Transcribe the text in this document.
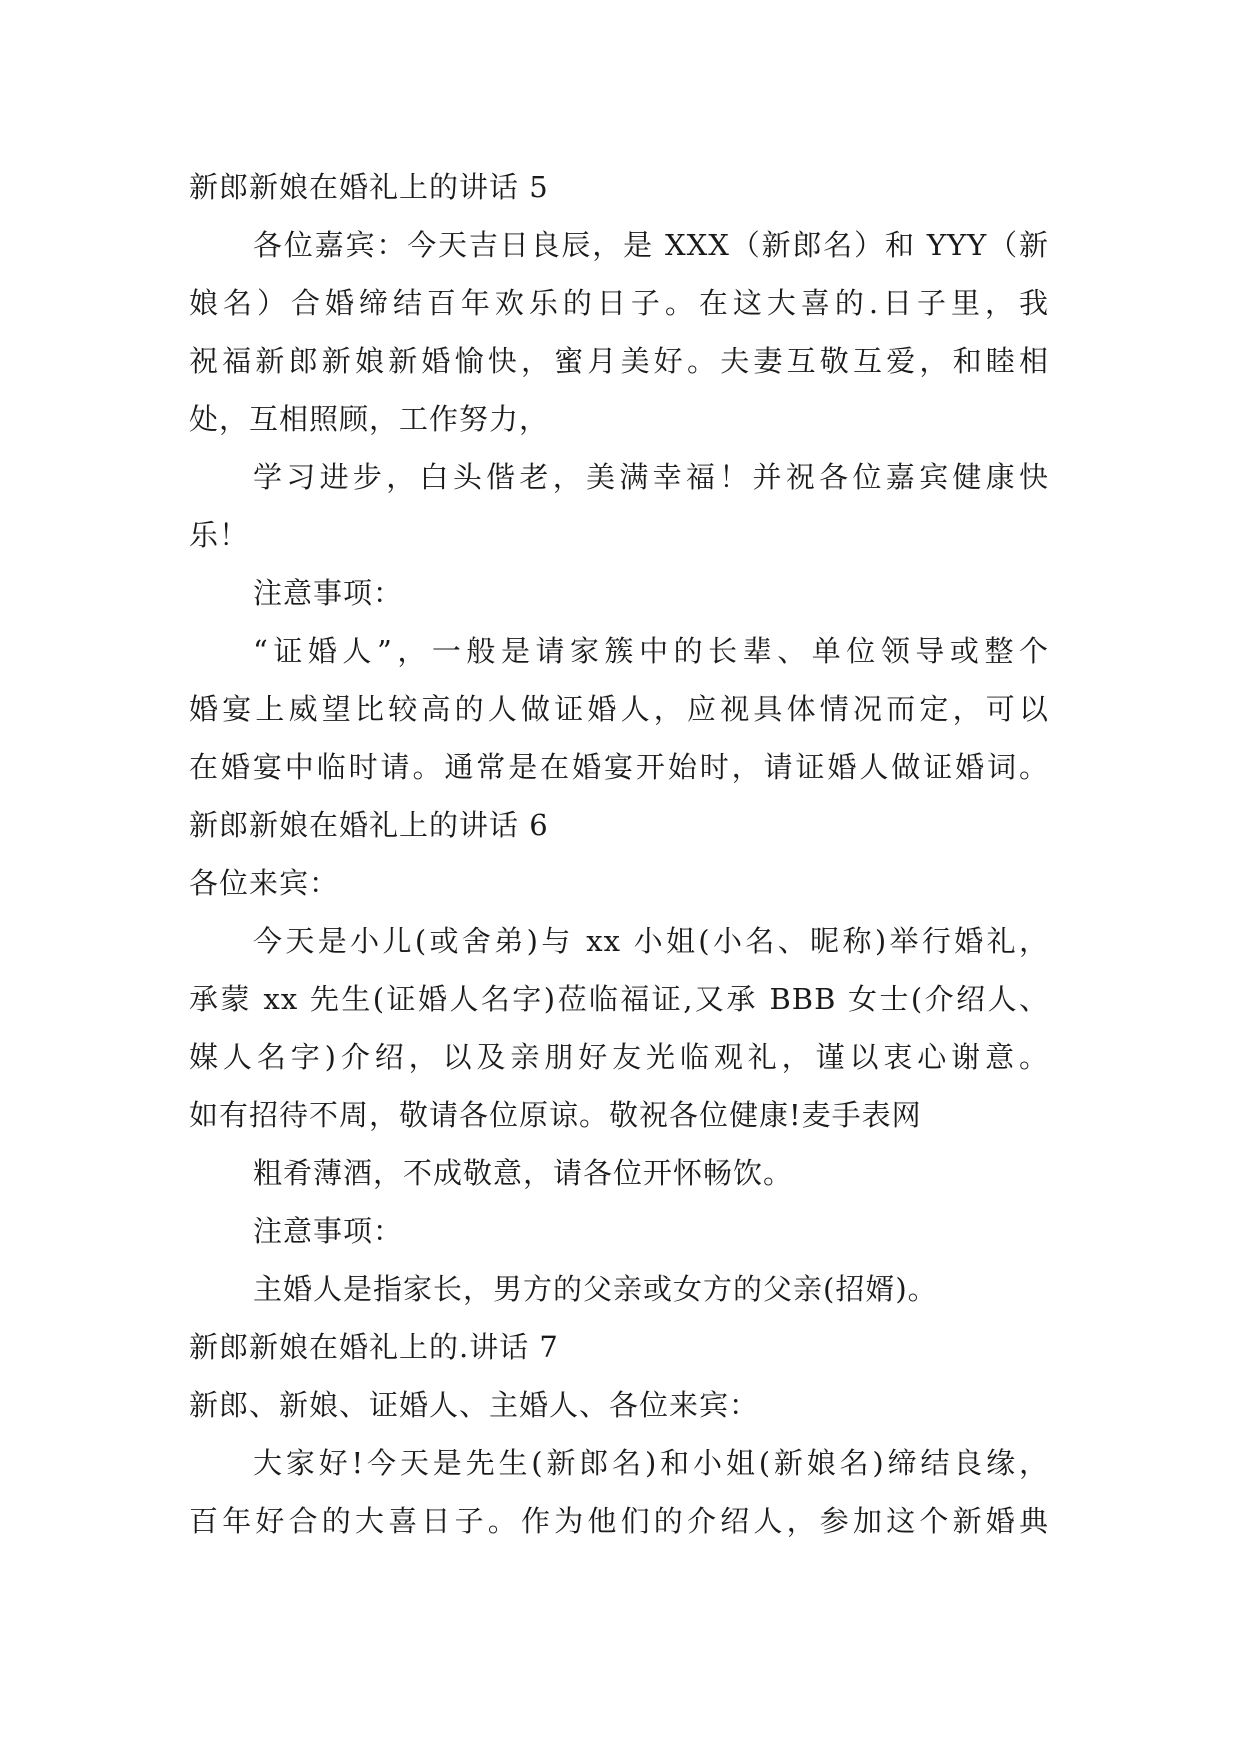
新郎新娘在婚礼上的讲话 5
各位嘉宾：今天吉日良辰，是 XXX（新郎名）和 YYY（新
娘名）合婚缔结百年欢乐的日子。在这大喜的.日子里，我
祝福新郎新娘新婚愉快，蜜月美好。夫妻互敬互爱，和睦相
处，互相照顾，工作努力，
学习进步，白头偕老，美满幸福！并祝各位嘉宾健康快
乐！
注意事项：
“证婚人”，一般是请家簇中的长辈、单位领导或整个
婚宴上威望比较高的人做证婚人，应视具体情况而定，可以
在婚宴中临时请。通常是在婚宴开始时，请证婚人做证婚词。
新郎新娘在婚礼上的讲话 6
各位来宾：
今天是小儿(或舍弟)与 xx 小姐(小名、昵称)举行婚礼，
承蒙 xx 先生(证婚人名字)莅临福证,又承 BBB 女士(介绍人、
媒人名字)介绍，以及亲朋好友光临观礼，谨以衷心谢意。
如有招待不周，敬请各位原谅。敬祝各位健康!麦手表网
粗肴薄酒，不成敬意，请各位开怀畅饮。
注意事项：
主婚人是指家长，男方的父亲或女方的父亲(招婿)。
新郎新娘在婚礼上的.讲话 7
新郎、新娘、证婚人、主婚人、各位来宾：
大家好!今天是先生(新郎名)和小姐(新娘名)缔结良缘，
百年好合的大喜日子。作为他们的介绍人，参加这个新婚典
